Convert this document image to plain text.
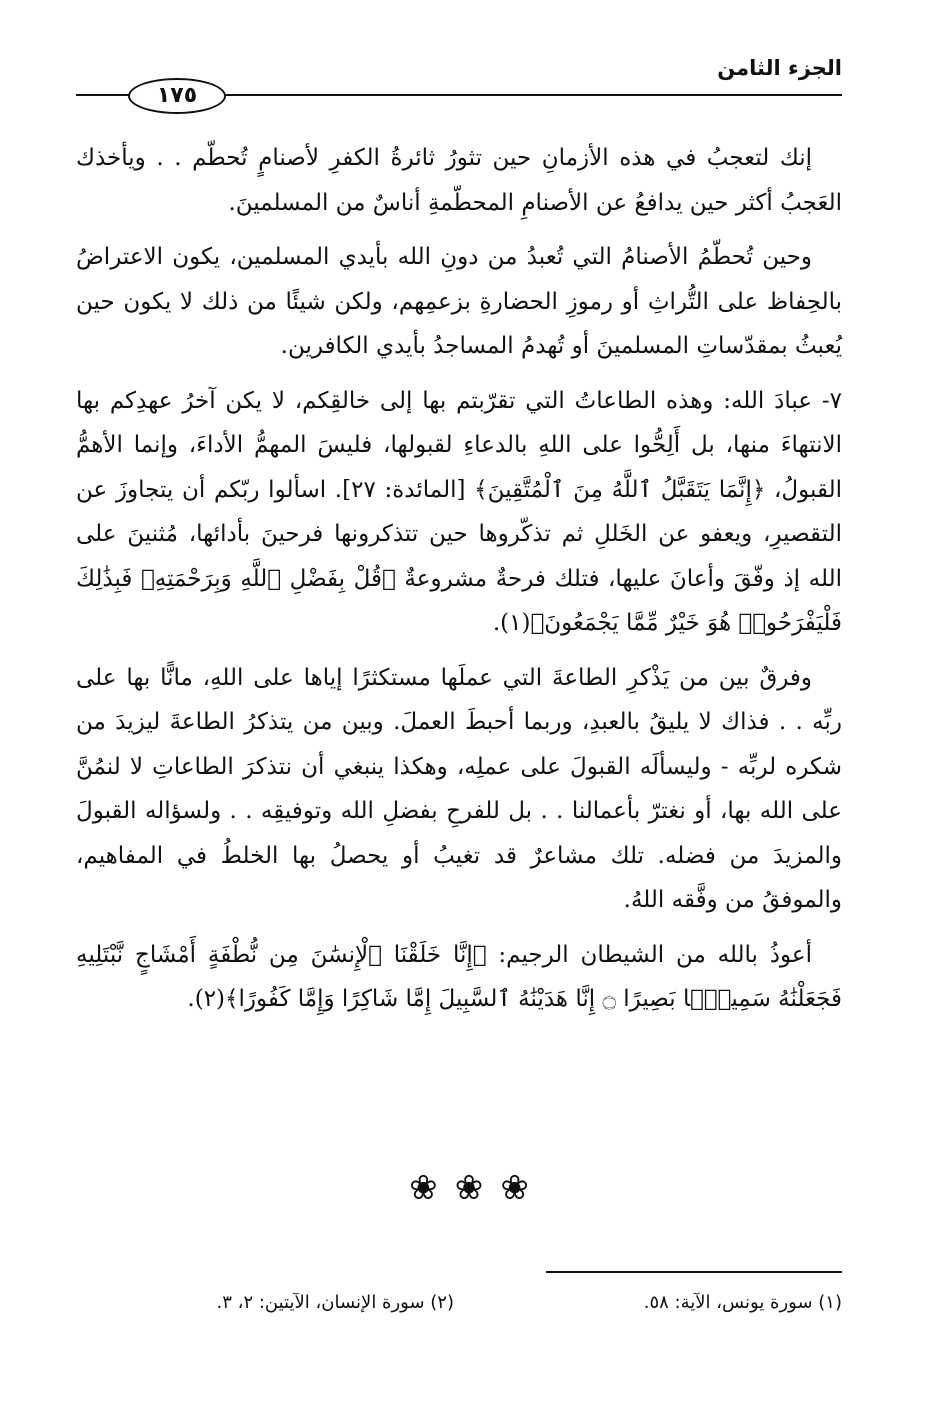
الجزء الثامن
١٧٥

إنك لتعجبُ في هذه الأزمانِ حين تثورُ ثائرةُ الكفرِ لأصنامٍ تُحطّم . . ويأخذك العَجبُ أكثر حين يدافعُ عن الأصنامِ المحطّمةِ أناسٌ من المسلمينَ.

وحين تُحطّمُ الأصنامُ التي تُعبدُ من دونِ الله بأيدي المسلمين، يكون الاعتراضُ بالحِفاظ على التُّراثِ أو رموزِ الحضارةِ بزعمِهم، ولكن شيئًا من ذلك لا يكون حين يُعبثُ بمقدّساتِ المسلمينَ أو تُهدمُ المساجدُ بأيدي الكافرين.

٧- عبادَ الله: وهذه الطاعاتُ التي تقرّبتم بها إلى خالقِكم، لا يكن آخرُ عهدِكم بها الانتهاءَ منها، بل أَلِحُّوا على اللهِ بالدعاءِ لقبولها، فليسَ المهمُّ الأداءَ، وإنما الأهمُّ القبولُ، ﴿إِنَّمَا يَتَقَبَّلُ ٱللَّهُ مِنَ ٱلْمُتَّقِينَ﴾ [المائدة: ٢٧]. اسألوا ربّكم أن يتجاوزَ عن التقصيرِ، ويعفو عن الخَللِ ثم تذكّروها حين تتذكرونها فرحينَ بأدائها، مُثنينَ على الله إذ وفّقَ وأعانَ عليها، فتلك فرحةٌ مشروعةٌ ﴿قُلْ بِفَضْلِ ٱللَّهِ وَبِرَحْمَتِهِۦ فَبِذَٰلِكَ فَلْيَفْرَحُوا۟ هُوَ خَيْرٌ مِّمَّا يَجْمَعُونَ﴾(١).

وفرقٌ بين من يَذْكرِ الطاعةَ التي عملَها مستكثرًا إياها على اللهِ، مانًّا بها على ربِّه . . فذاك لا يليقُ بالعبدِ، وربما أحبطَ العملَ. وبين من يتذكرُ الطاعةَ ليزيدَ من شكره لربِّه - وليسألَه القبولَ على عملِه، وهكذا ينبغي أن نتذكرَ الطاعاتِ لا لنمُنَّ على الله بها، أو نغترّ بأعمالنا . . بل للفرحِ بفضلِ الله وتوفيقِه . . ولسؤاله القبولَ والمزيدَ من فضله. تلك مشاعرٌ قد تغيبُ أو يحصلُ بها الخلطُ في المفاهيم، والموفقُ من وفَّقه اللهُ.

أعوذُ بالله من الشيطان الرجيم: ﴿إِنَّا خَلَقْنَا ٱلْإِنسَٰنَ مِن نُّطْفَةٍ أَمْشَاجٍ نَّبْتَلِيهِ فَجَعَلْنَٰهُ سَمِيعًۢا بَصِيرًا ۝ إِنَّا هَدَيْنَٰهُ ٱلسَّبِيلَ إِمَّا شَاكِرًا وَإِمَّا كَفُورًا﴾(٢).

❀ ❀ ❀
(١) سورة يونس، الآية: ٥٨.
(٢) سورة الإنسان، الآيتين: ٢، ٣.
